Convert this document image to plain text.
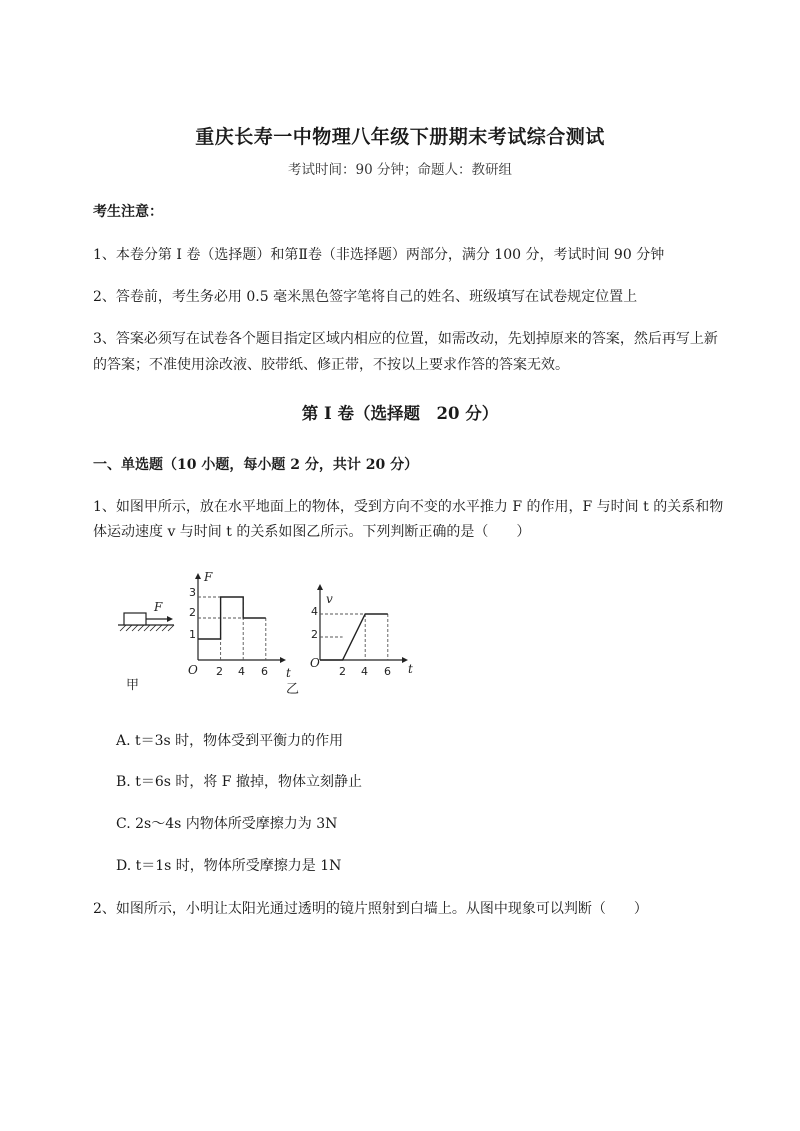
重庆长寿一中物理八年级下册期末考试综合测试
考试时间：90 分钟；命题人：教研组
考生注意：
1、本卷分第 I 卷（选择题）和第Ⅱ卷（非选择题）两部分，满分 100 分，考试时间 90 分钟
2、答卷前，考生务必用 0.5 毫米黑色签字笔将自己的姓名、班级填写在试卷规定位置上
3、答案必须写在试卷各个题目指定区域内相应的位置，如需改动，先划掉原来的答案，然后再写上新
的答案；不准使用涂改液、胶带纸、修正带，不按以上要求作答的答案无效。
第 I 卷（选择题　20 分）
一、单选题（10 小题，每小题 2 分，共计 20 分）
1、如图甲所示，放在水平地面上的物体，受到方向不变的水平推力 F 的作用，F 与时间 t 的关系和物
体运动速度 v 与时间 t 的关系如图乙所示。下列判断正确的是（　　）
F
甲
F
t
O
1
2
3
2 4 6
乙
v
t
O
2
4
2 4 6
A. t＝3s 时，物体受到平衡力的作用
B. t＝6s 时，将 F 撤掉，物体立刻静止
C. 2s～4s 内物体所受摩擦力为 3N
D. t＝1s 时，物体所受摩擦力是 1N
2、如图所示，小明让太阳光通过透明的镜片照射到白墙上。从图中现象可以判断（　　）
